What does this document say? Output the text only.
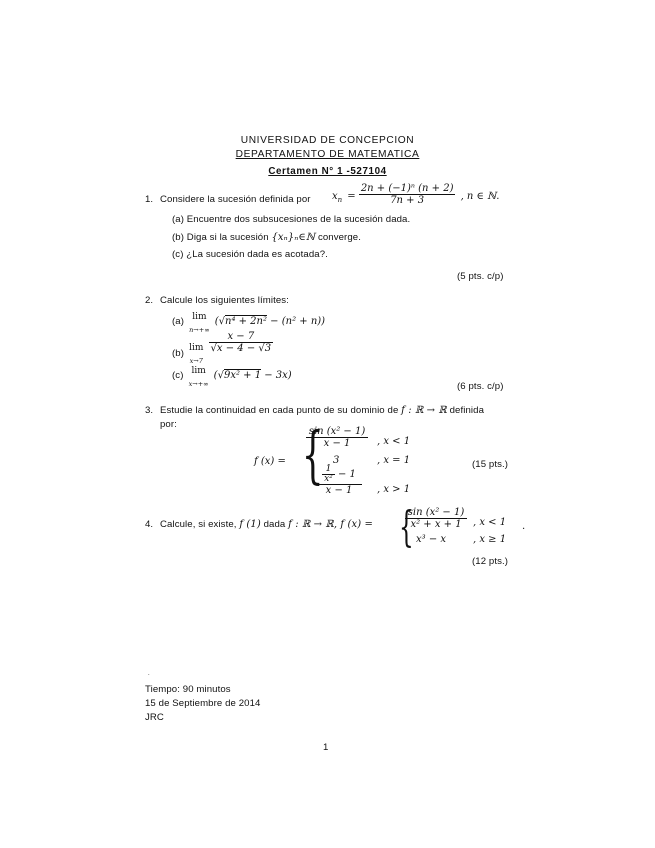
UNIVERSIDAD DE CONCEPCION
DEPARTAMENTO DE MATEMATICA
Certamen N° 1 -527104
1. Considere la sucesión definida por $x_n = \frac{\text{2n + (−1)ⁿ (n + 2)}}{7n + 3}$ , n ∈ ℕ.
(a) Encuentre dos subsucesiones de la sucesión dada.
(b) Diga si la sucesión {xₙ}ₙ∈ℕ converge.
(c) ¿La sucesión dada es acotada?.
(5 pts. c/p)
2. Calcule los siguientes límites:
(a) lim
n→+∞ (√n⁴ + 2n² − (n² + n))
$_{(b)}$ lim
x→7
$\frac{x - 7}{√x - 4 - √3}$
(c) lim
x→+∞ (√9x² + 1 − 3x)
(6 pts. c/p)
3. Estudie la continuidad en cada punto de su dominio de f : ℝ → ℝ definida
por:
f (x) = {
$\frac{\text{sin (x² − 1)}}{x - 1}$ , x < 1
3	, x = 1
$\frac{\frac{1}{\text{x²}} - 1}{x - 1}$ , x > 1
(15 pts.)
4. Calcule, si existe, f (1) dada f : ℝ → ℝ, f (x) = {
$\frac{\text{sin (x² − 1)}}{\text{x² + x + 1}}$ , x < 1
x³ − x	, x ≥ 1
.
(12 pts.)
.
Tiempo: 90 minutos
15 de Septiembre de 2014
JRC
1
